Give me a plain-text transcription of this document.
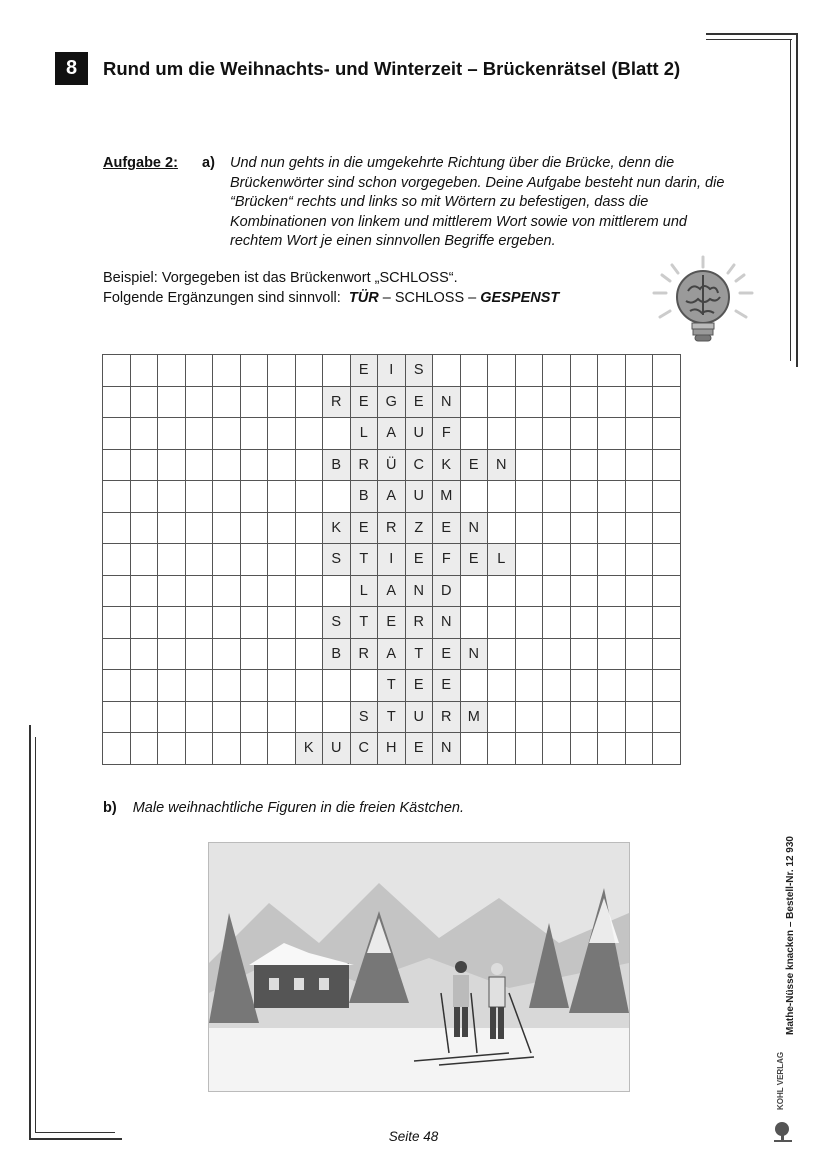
8	Rund um die Weihnachts- und Winterzeit – Brückenrätsel (Blatt 2)
Aufgabe 2: a) Und nun gehts in die umgekehrte Richtung über die Brücke, denn die Brückenwörter sind schon vorgegeben. Deine Aufgabe besteht nun darin, die “Brücken“ rechts und links so mit Wörtern zu befestigen, dass die Kombinationen von linkem und mittlerem Wort sowie von mittlerem und rechtem Wort je einen sinnvollen Begriffe ergeben.
Beispiel: Vorgegeben ist das Brückenwort „SCHLOSS“.
Folgende Ergänzungen sind sinnvoll: TÜR – SCHLOSS – GESPENST
									E	I	S									
								R	E	G	E	N								
									L	A	U	F								
								B	R	Ü	C	K	E	N						
									B	A	U	M								
								K	E	R	Z	E	N							
								S	T	I	E	F	E	L						
									L	A	N	D								
								S	T	E	R	N								
								B	R	A	T	E	N							
										T	E	E								
									S	T	U	R	M							
							K	U	C	H	E	N								
b) Male weihnachtliche Figuren in die freien Kästchen.
Seite 48
Mathe-Nüsse knacken – Bestell-Nr. 12 930
KOHL VERLAG
